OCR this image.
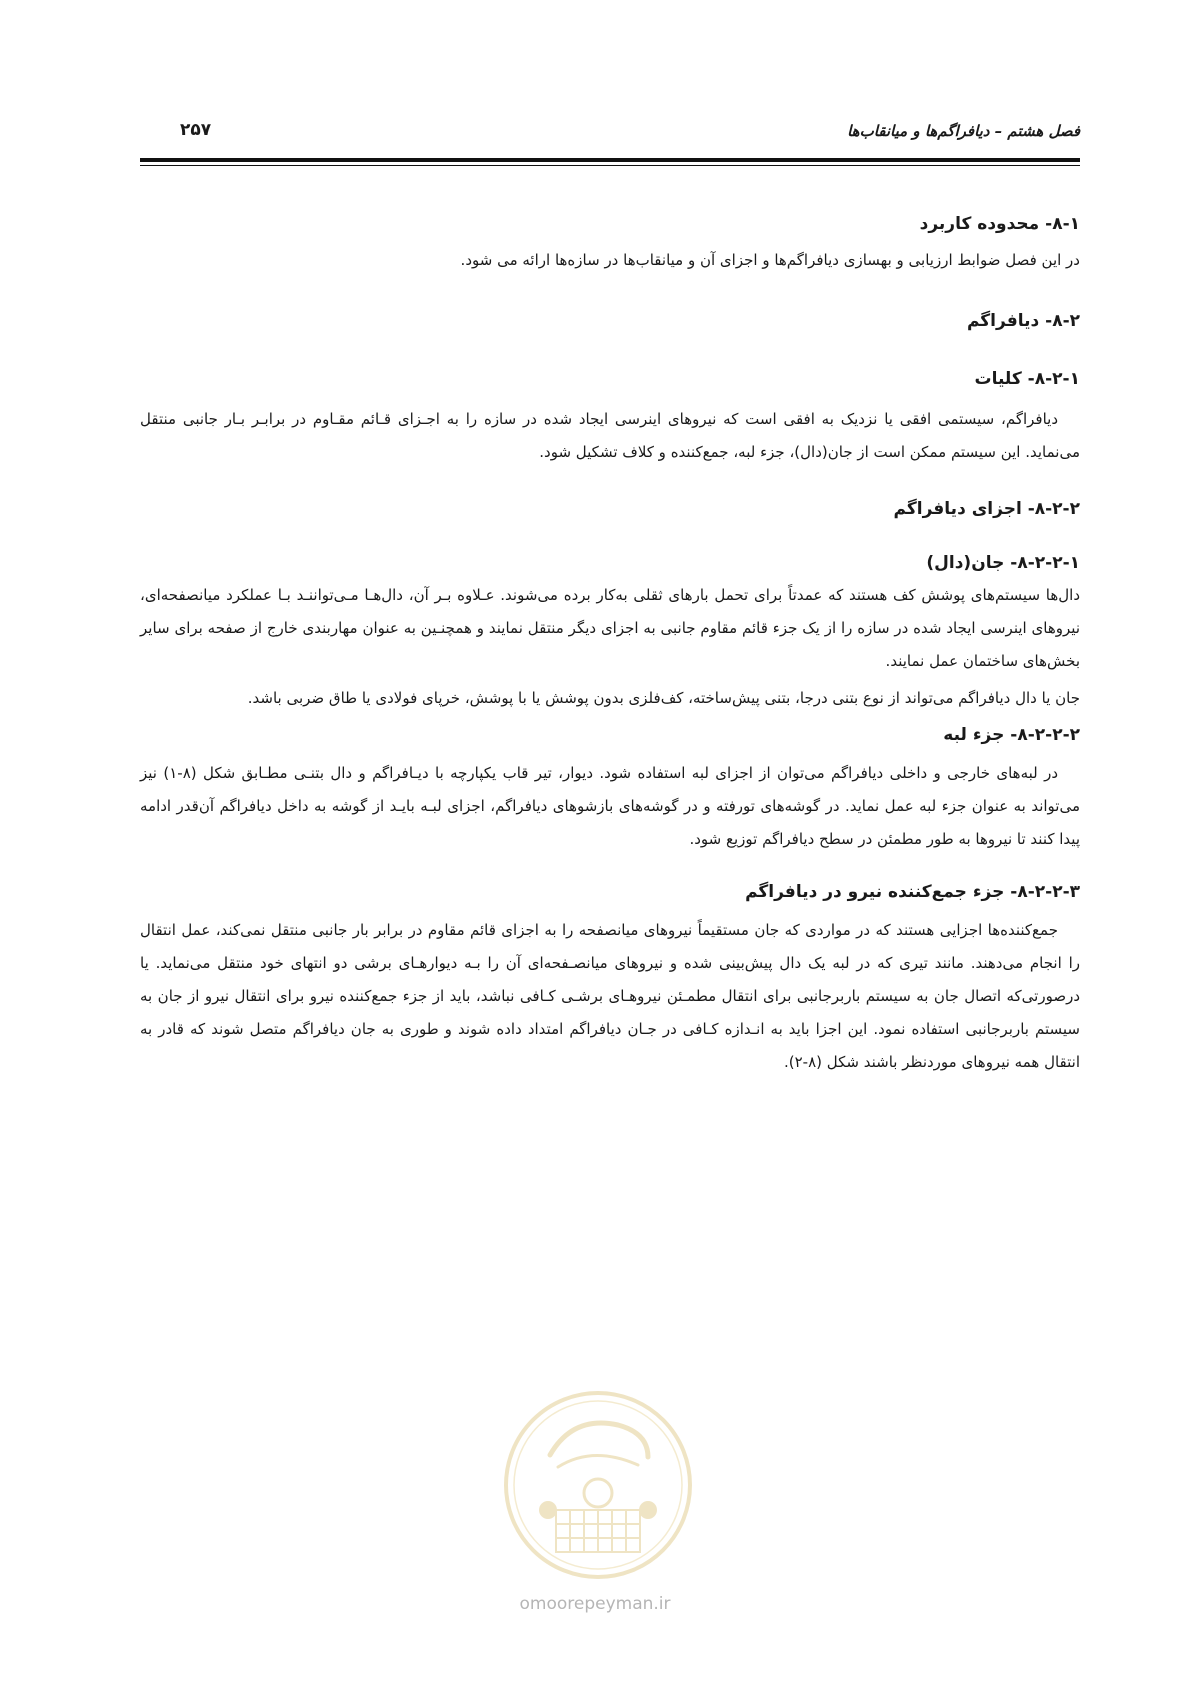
فصل هشتم – دیافراگم‌ها و میانقاب‌ها
۲۵۷
۸-۱- محدوده کاربرد

در این فصل ضوابط ارزیابی و بهسازی دیافراگم‌ها و اجزای آن و میانقاب‌ها در سازه‌ها ارائه می شود.

۸-۲- دیافراگم
۸-۲-۱- کلیات

دیافراگم، سیستمی افقی یا نزدیک به افقی است که نیروهای اینرسی ایجاد شده در سازه را به اجـزای قـائم مقـاوم در برابـر بـار جانبی منتقل می‌نماید. این سیستم ممکن است از جان(دال)، جزء لبه، جمع‌کننده و کلاف تشکیل شود.

۸-۲-۲- اجزای دیافراگم
۸-۲-۲-۱- جان(دال)

دال‌ها سیستم‌های پوشش کف هستند که عمدتاً برای تحمل بارهای ثقلی به‌کار برده می‌شوند. عـلاوه بـر آن، دال‌هـا مـی‌تواننـد بـا عملکرد میانصفحه‌ای، نیروهای اینرسی ایجاد شده در سازه را از یک جزء قائم مقاوم جانبی به اجزای دیگر منتقل نمایند و همچنـین به عنوان مهاربندی خارج از صفحه برای سایر بخش‌های ساختمان عمل نمایند.

جان یا دال دیافراگم می‌تواند از نوع بتنی درجا، بتنی پیش‌ساخته، کف‌فلزی بدون پوشش یا با پوشش، خرپای فولادی یا طاق ضربی باشد.

۸-۲-۲-۲- جزء لبه

در لبه‌های خارجی و داخلی دیافراگم می‌توان از اجزای لبه استفاده شود. دیوار، تیر قاب یکپارچه با دیـافراگم و دال بتنـی مطـابق شکل (۸-۱) نیز می‌تواند به عنوان جزء لبه عمل نماید. در گوشه‌های تورفته و در گوشه‌های بازشوهای دیافراگم، اجزای لبـه بایـد از گوشه به داخل دیافراگم آن‌قدر ادامه پیدا کنند تا نیروها به طور مطمئن در سطح دیافراگم توزیع شود.

۸-۲-۲-۳- جزء جمع‌کننده نیرو در دیافراگم

جمع‌کننده‌ها اجزایی هستند که در مواردی که جان مستقیماً نیروهای میانصفحه را به اجزای قائم مقاوم در برابر بار جانبی منتقل نمی‌کند، عمل انتقال را انجام می‌دهند. مانند تیری که در لبه یک دال پیش‌بینی شده و نیروهای میانصـفحه‌ای آن را بـه دیوارهـای برشی دو انتهای خود منتقل می‌نماید. یا درصورتی‌که اتصال جان به سیستم باربرجانبی برای انتقال مطمـئن نیروهـای برشـی کـافی نباشد، باید از جزء جمع‌کننده نیرو برای انتقال نیرو از جان به سیستم باربرجانبی استفاده نمود. این اجزا باید به انـدازه کـافی در جـان دیافراگم امتداد داده شوند و طوری به جان دیافراگم متصل شوند که قادر به انتقال همه نیروهای موردنظر باشند شکل (۸-۲).

omoorepeyman.ir
